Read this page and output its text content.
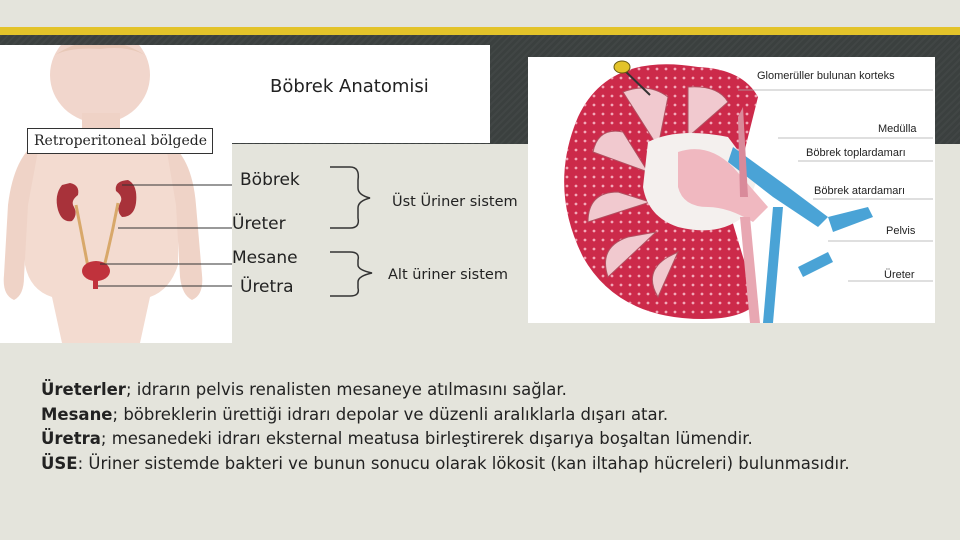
Böbrek Anatomisi
Retroperitoneal bölgede
Böbrek
Üreter
Mesane
Üretra
Üst Üriner sistem
Alt üriner sistem
Glomerüller bulunan korteks
Medülla
Böbrek toplardamarı
Böbrek atardamarı
Pelvis
Üreter
Üreterler; idrarın pelvis renalisten mesaneye atılmasını sağlar.
Mesane; böbreklerin ürettiği idrarı depolar ve düzenli aralıklarla dışarı atar.
Üretra; mesanedeki idrarı eksternal meatusa birleştirerek dışarıya boşaltan lümendir.
ÜSE: Üriner sistemde bakteri ve bunun sonucu olarak lökosit (kan iltahap hücreleri) bulunmasıdır.
